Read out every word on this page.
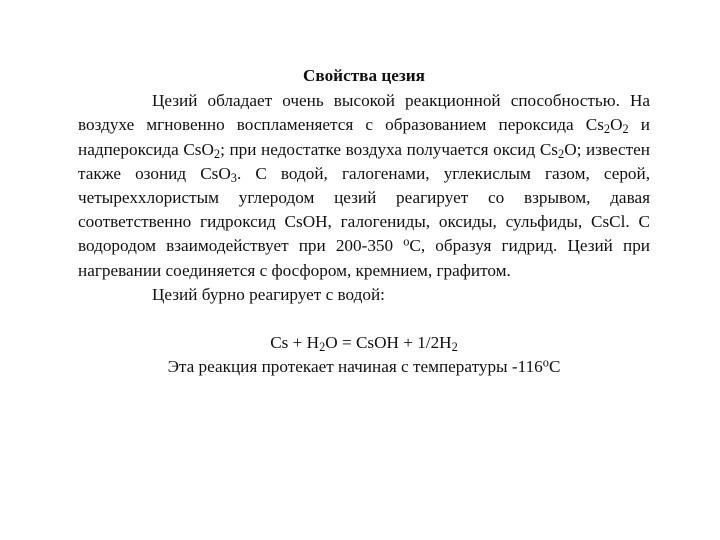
Свойства цезия

Цезий обладает очень высокой реакционной способностью. На воздухе мгновенно воспламеняется с образованием пероксида $Cs_2O_2$ и надпероксида CsO$_2$; при недостатке воздуха получается оксид $Cs_2O$; известен также озонид CsO$_3$. С водой, галогенами, углекислым газом, серой, четыреххлористым углеродом цезий реагирует со взрывом, давая соответственно гидроксид CsOH, галогениды, оксиды, сульфиды, CsCl. С водородом взаимодействует при 200-350 $^o$C, образуя гидрид. Цезий при нагревании соединяется с фосфором, кремнием, графитом.

Цезий бурно реагирует с водой:

$Cs + H_2O$ = CsOH + $1/2H_2$

Эта реакция протекает начиная с температуры -116$^o$C
